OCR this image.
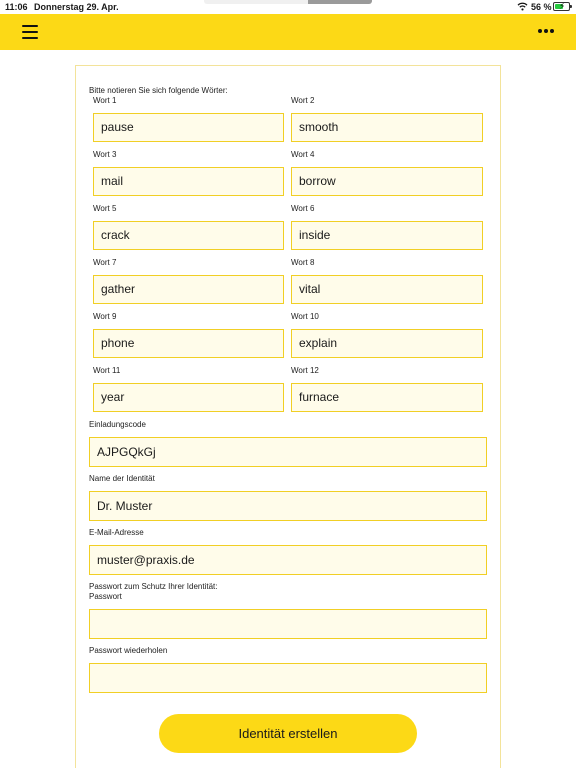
11:06 Donnerstag 29. Apr.	56 % ⚡
Bitte notieren Sie sich folgende Wörter:
Wort 1	Wort 2
pause	smooth
Wort 3	Wort 4
mail	borrow
Wort 5	Wort 6
crack	inside
Wort 7	Wort 8
gather	vital
Wort 9	Wort 10
phone	explain
Wort 11	Wort 12
year	furnace
Einladungscode
AJPGQkGj
Name der Identität
Dr. Muster
E-Mail-Adresse
muster@praxis.de
Passwort zum Schutz Ihrer Identität:
Passwort
Passwort wiederholen
Identität erstellen
